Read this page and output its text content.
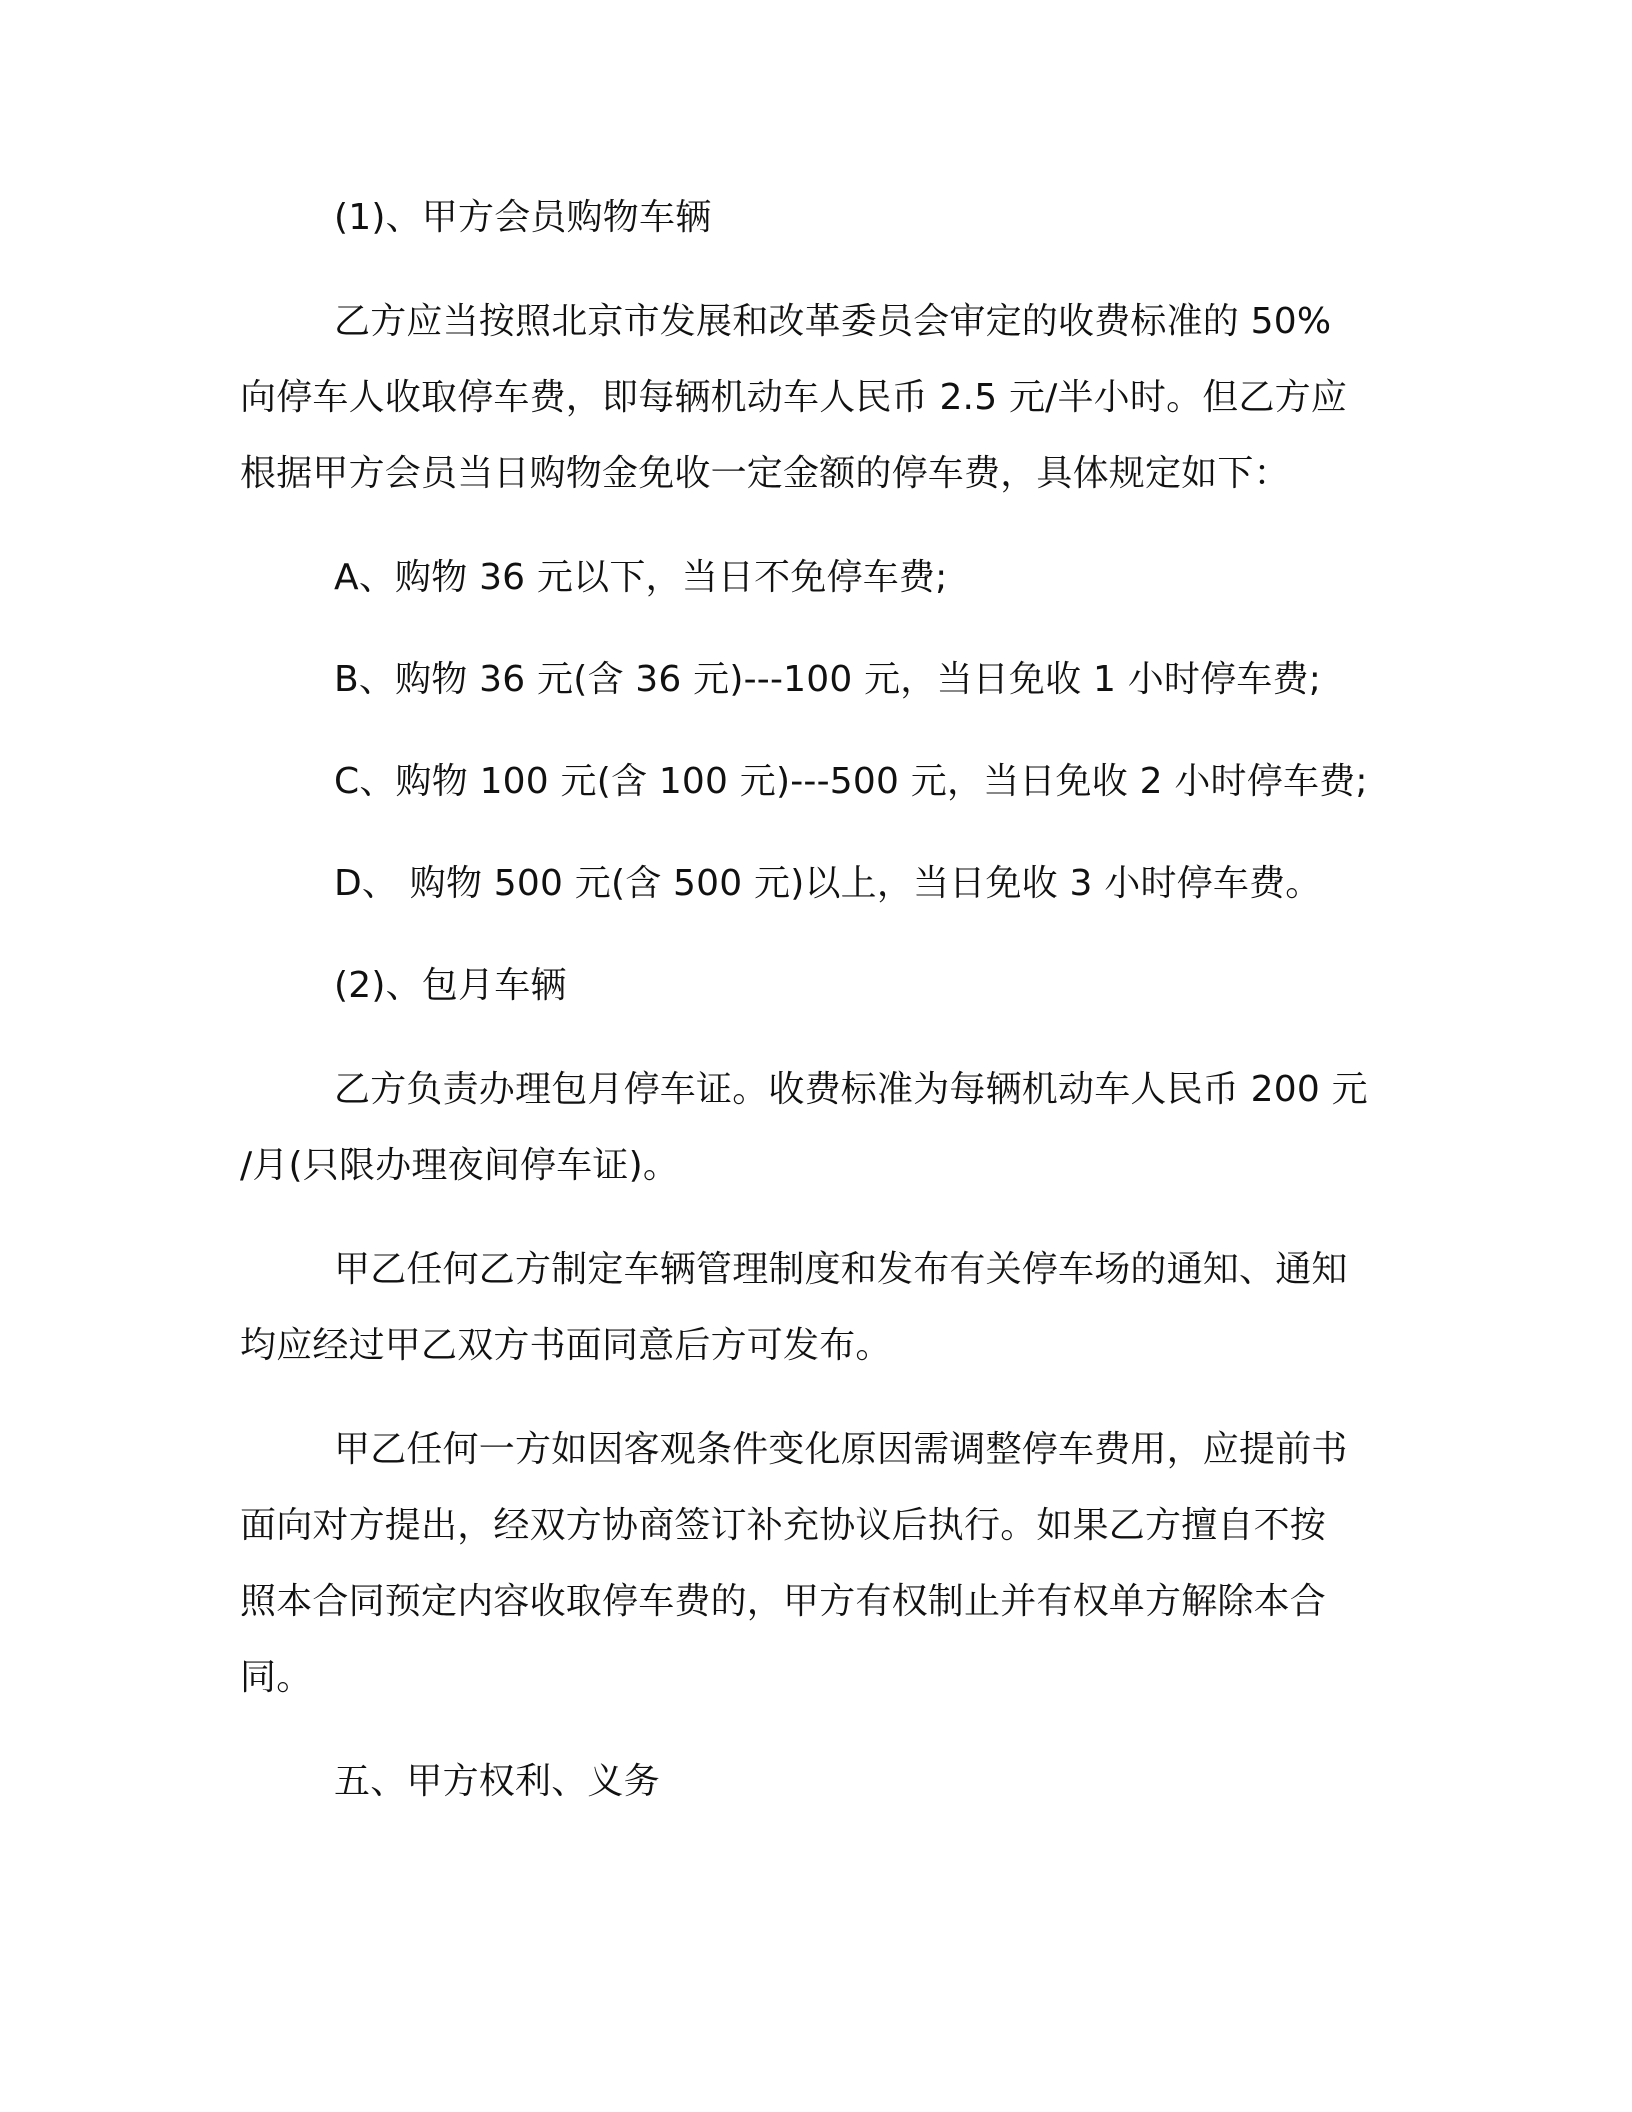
(1)、甲方会员购物车辆
乙方应当按照北京市发展和改革委员会审定的收费标准的 50%
向停车人收取停车费，即每辆机动车人民币 2.5 元/半小时。但乙方应
根据甲方会员当日购物金免收一定金额的停车费，具体规定如下：
A、购物 36 元以下，当日不免停车费;
B、购物 36 元(含 36 元)---100 元，当日免收 1 小时停车费;
C、购物 100 元(含 100 元)---500 元，当日免收 2 小时停车费;
D、 购物 500 元(含 500 元)以上，当日免收 3 小时停车费。
(2)、包月车辆
乙方负责办理包月停车证。收费标准为每辆机动车人民币 200 元
/月(只限办理夜间停车证)。
甲乙任何乙方制定车辆管理制度和发布有关停车场的通知、通知
均应经过甲乙双方书面同意后方可发布。
甲乙任何一方如因客观条件变化原因需调整停车费用，应提前书
面向对方提出，经双方协商签订补充协议后执行。如果乙方擅自不按
照本合同预定内容收取停车费的，甲方有权制止并有权单方解除本合
同。
五、甲方权利、义务
